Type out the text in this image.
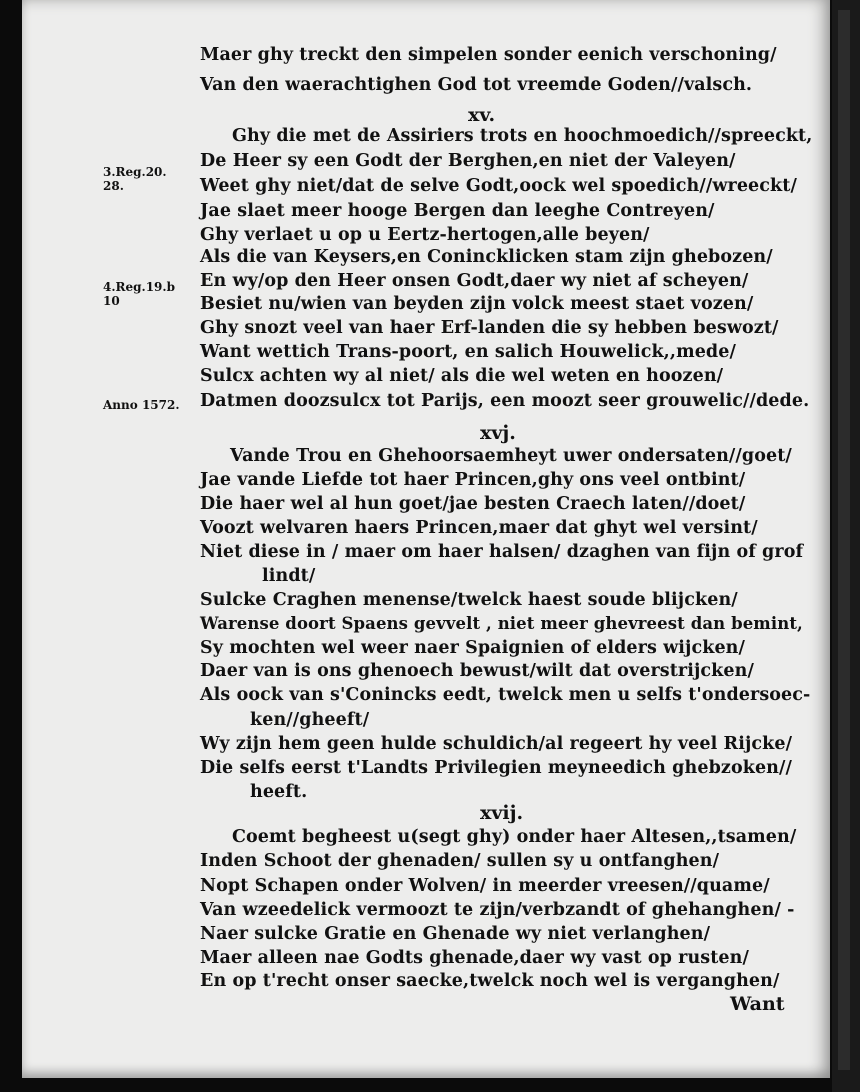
Maer ghy treckt den simpelen sonder eenich verschoning/
Van den waerachtighen God tot vreemde Goden//valsch.
xv.
Ghy die met de Assiriers trots en hoochmoedich//spreeckt,
De Heer sy een Godt der Berghen,en niet der Valeyen/
Weet ghy niet/dat de selve Godt,oock wel spoedich//wreeckt/
Jae slaet meer hooge Bergen dan leeghe Contreyen/
Ghy verlaet u op u Eertz-hertogen,alle beyen/
Als die van Keysers,en Conincklicken stam zijn ghebozen/
En wy/op den Heer onsen Godt,daer wy niet af scheyen/
Besiet nu/wien van beyden zijn volck meest staet vozen/
Ghy snozt veel van haer Erf-landen die sy hebben beswozt/
Want wettich Trans-poort, en salich Houwelick,,mede/
Sulcx achten wy al niet/ als die wel weten en hoozen/
Datmen doozsulcx tot Parijs, een moozt seer grouwelic//dede.
3.Reg.20.
28.
4.Reg.19.b
10
Anno 1572.
xvj.
Vande Trou en Ghehoorsaemheyt uwer ondersaten//goet/
Jae vande Liefde tot haer Princen,ghy ons veel ontbint/
Die haer wel al hun goet/jae besten Craech laten//doet/
Voozt welvaren haers Princen,maer dat ghyt wel versint/
Niet diese in / maer om haer halsen/ dzaghen van fijn of grof
lindt/
Sulcke Craghen menense/twelck haest soude blijcken/
Warense doort Spaens gevvelt , niet meer ghevreest dan bemint,
Sy mochten wel weer naer Spaignien of elders wijcken/
Daer van is ons ghenoech bewust/wilt dat overstrijcken/
Als oock van s'Conincks eedt, twelck men u selfs t'ondersoec-
ken//gheeft/
Wy zijn hem geen hulde schuldich/al regeert hy veel Rijcke/
Die selfs eerst t'Landts Privilegien meyneedich ghebzoken//
heeft.
xvij.
Coemt begheest u(segt ghy) onder haer Altesen,,tsamen/
Inden Schoot der ghenaden/ sullen sy u ontfanghen/
Nopt Schapen onder Wolven/ in meerder vreesen//quame/
Van wzeedelick vermoozt te zijn/verbzandt of ghehanghen/ -
Naer sulcke Gratie en Ghenade wy niet verlanghen/
Maer alleen nae Godts ghenade,daer wy vast op rusten/
En op t'recht onser saecke,twelck noch wel is verganghen/
Want
